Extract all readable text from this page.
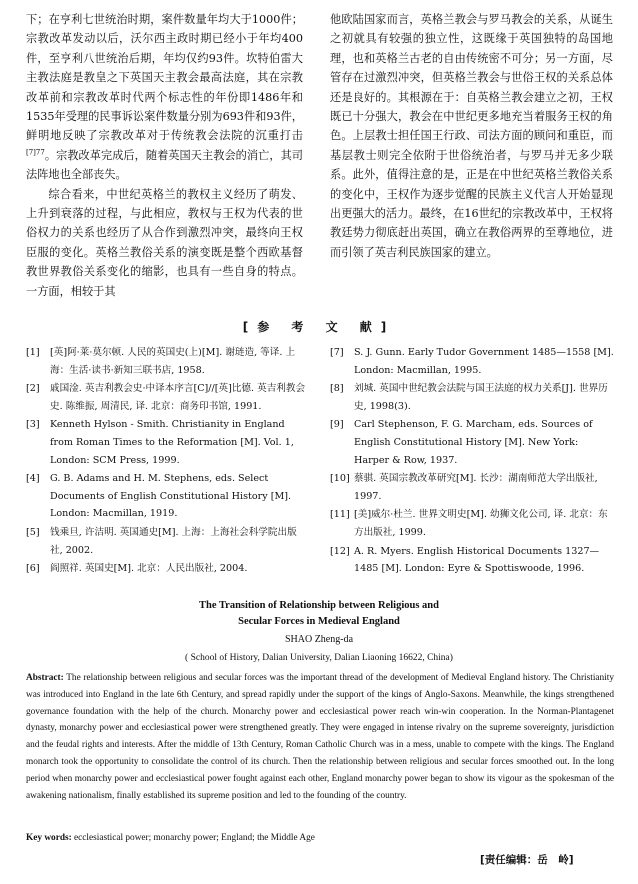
下；在亨利七世统治时期，案件数量年均大于1000件；宗教改革发动以后，沃尔西主政时期已经小于年均400件，至亨利八世统治后期，年均仅约93件。坎特伯雷大主教法庭是教皇之下英国天主教会最高法庭，其在宗教改革前和宗教改革时代两个标志性的年份即1486年和1535年受理的民事诉讼案件数量分别为693件和93件，鲜明地反映了宗教改革对于传统教会法院的沉重打击$^{[7]77}$。宗教改革完成后，随着英国天主教会的消亡，其司法阵地也全部丧失。

综合看来，中世纪英格兰的教权主义经历了萌发、上升到衰落的过程，与此相应，教权与王权为代表的世俗权力的关系也经历了从合作到激烈冲突，最终向王权臣服的变化。英格兰教俗关系的演变既是整个西欧基督教世界教俗关系变化的缩影，也具有一些自身的特点。一方面，相较于其

他欧陆国家而言，英格兰教会与罗马教会的关系，从诞生之初就具有较强的独立性，这既缘于英国独特的岛国地理，也和英格兰古老的自由传统密不可分；另一方面，尽管存在过激烈冲突，但英格兰教会与世俗王权的关系总体还是良好的。其根源在于：自英格兰教会建立之初，王权既已十分强大，教会在中世纪更多地充当着服务王权的角色。上层教士担任国王行政、司法方面的顾问和重臣，而基层教士则完全依附于世俗统治者，与罗马并无多少联系。此外，值得注意的是，正是在中世纪英格兰教俗关系的变化中，王权作为逐步觉醒的民族主义代言人开始显现出更强大的活力。最终，在16世纪的宗教改革中，王权将教廷势力彻底赶出英国，确立在教俗两界的至尊地位，进而引领了英吉利民族国家的建立。

[参 考 文 献]

[1] [英]阿·莱·莫尔顿. 人民的英国史(上)[M]. 谢琏造, 等译. 上海：生活·读书·新知三联书店, 1958.

[2] 戚国淦. 英吉利教会史·中译本序言[C]//[英]比德. 英吉利教会史. 陈维振, 周清民, 译. 北京：商务印书馆, 1991.

[3] Kenneth Hylson - Smith. Christianity in England from Roman Times to the Reformation [M]. Vol. 1, London: SCM Press, 1999.

[4] G. B. Adams and H. M. Stephens, eds. Select Documents of English Constitutional History [M]. London: Macmillan, 1919.

[5] 钱乘旦, 许洁明. 英国通史[M]. 上海：上海社会科学院出版社, 2002.

[6] 阎照祥. 英国史[M]. 北京：人民出版社, 2004.

[7] S. J. Gunn. Early Tudor Government 1485—1558 [M]. London: Macmillan, 1995.

[8] 刘城. 英国中世纪教会法院与国王法庭的权力关系[J]. 世界历史, 1998(3).

[9] Carl Stephenson, F. G. Marcham, eds. Sources of English Constitutional History [M]. New York: Harper & Row, 1937.

[10] 蔡骐. 英国宗教改革研究[M]. 长沙：湖南师范大学出版社, 1997.

[11] [美]威尔·杜兰. 世界文明史[M]. 幼狮文化公司, 译. 北京：东方出版社, 1999.

[12] A. R. Myers. English Historical Documents 1327—1485 [M]. London: Eyre & Spottiswoode, 1996.

The Transition of Relationship between Religious and
Secular Forces in Medieval England
SHAO Zheng-da
( School of History, Dalian University, Dalian Liaoning 16622, China)

Abstract: The relationship between religious and secular forces was the important thread of the development of Medieval England history. The Christianity was introduced into England in the late 6th Century, and spread rapidly under the support of the kings of Anglo-Saxons. Meanwhile, the kings strengthened governance foundation with the help of the church. Monarchy power and ecclesiastical power reach win-win cooperation. In the Norman-Plantagenet dynasty, monarchy power and ecclesiastical power were strengthened greatly. They were engaged in intense rivalry on the supreme sovereignty, jurisdiction and the feudal rights and interests. After the middle of 13th Century, Roman Catholic Church was in a mess, unable to compete with the kings. The England monarch took the opportunity to consolidate the control of its church. Then the relationship between religious and secular forces smoothed out. In the long period when monarchy power and ecclesiastical power fought against each other, England monarchy power began to show its vigour as the spokesman of the awakening nationalism, finally established its supreme position and led to the founding of the country.

Key words: ecclesiastical power; monarchy power; England; the Middle Age
[责任编辑：岳　岭]
